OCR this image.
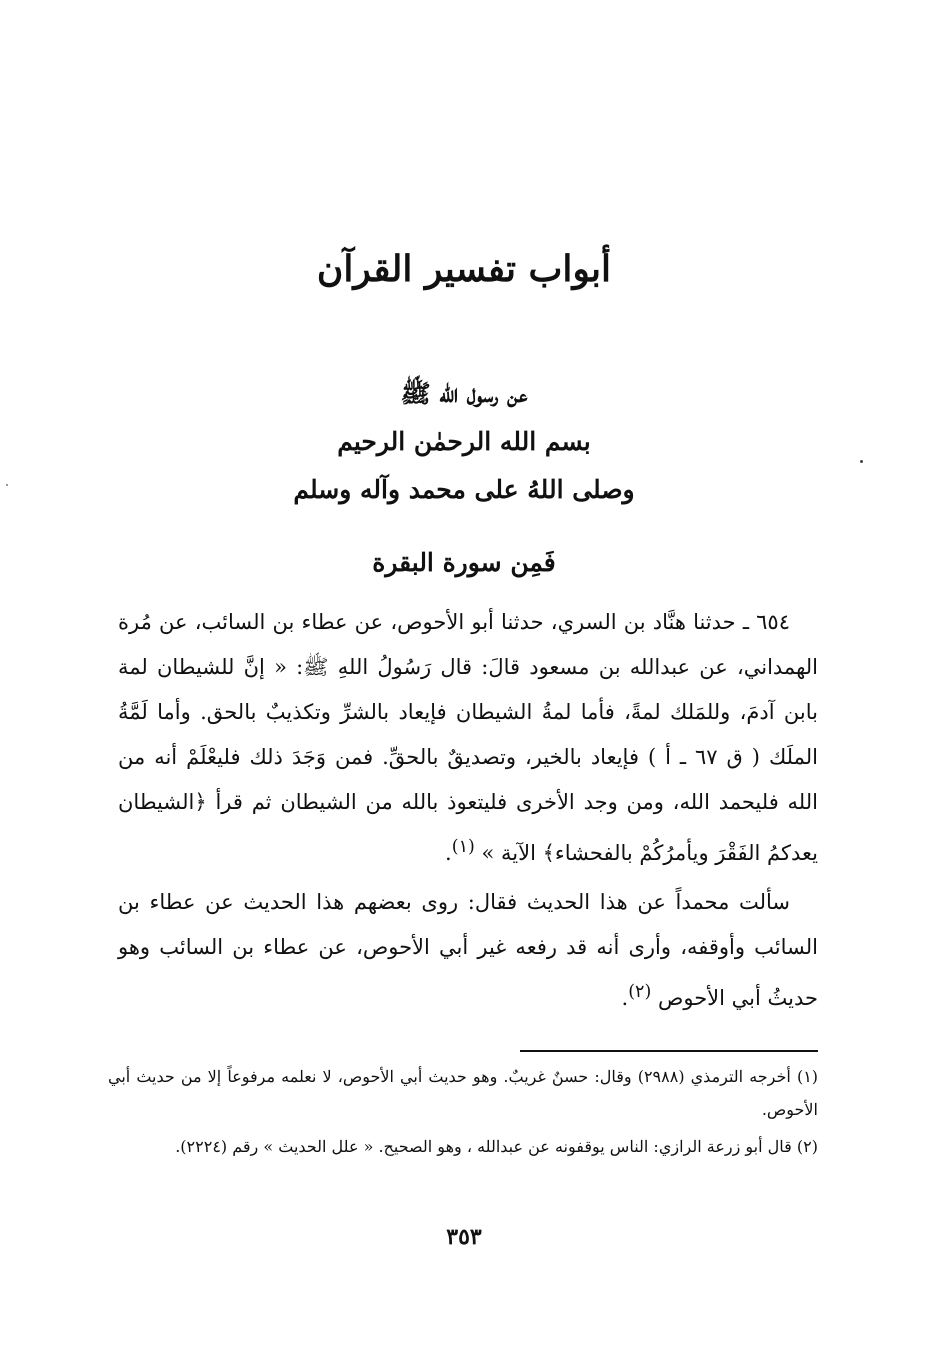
أبواب تفسير القرآن

عن رسول الله ﷺ

بسم الله الرحمٰن الرحيم

وصلى اللهُ على محمد وآله وسلم

فَمِن سورة البقرة

٦٥٤ ـ حدثنا هنَّاد بن السري، حدثنا أبو الأحوص، عن عطاء بن السائب، عن مُرة الهمداني، عن عبدالله بن مسعود قالَ: قال رَسُولُ اللهِ ﷺ: « إنَّ للشيطان لمة بابن آدمَ، وللمَلك لمةً، فأما لمةُ الشيطان فإيعاد بالشرِّ وتكذيبٌ بالحق. وأما لَمَّةُ الملَك ( ق ٦٧ ـ أ ) فإيعاد بالخير، وتصديقٌ بالحقِّ. فمن وَجَدَ ذلك فليعْلَمْ أنه من الله فليحمد الله، ومن وجد الأخرى فليتعوذ بالله من الشيطان ثم قرأ ﴿الشيطان يعدكمُ الفَقْرَ ويأمرُكُمْ بالفحشاء﴾ الآية » $^{(١)}$.

سألت محمداً عن هذا الحديث فقال: روى بعضهم هذا الحديث عن عطاء بن السائب وأوقفه، وأرى أنه قد رفعه غير أبي الأحوص، عن عطاء بن السائب وهو حديثُ أبي الأحوص $^{(٢)}$.

(١) أخرجه الترمذي (٢٩٨٨) وقال: حسنٌ غريبٌ. وهو حديث أبي الأحوص، لا نعلمه مرفوعاً إلا من حديث أبي الأحوص.

(٢) قال أبو زرعة الرازي: الناس يوقفونه عن عبدالله ، وهو الصحيح. « علل الحديث » رقم (٢٢٢٤).

٣٥٣
